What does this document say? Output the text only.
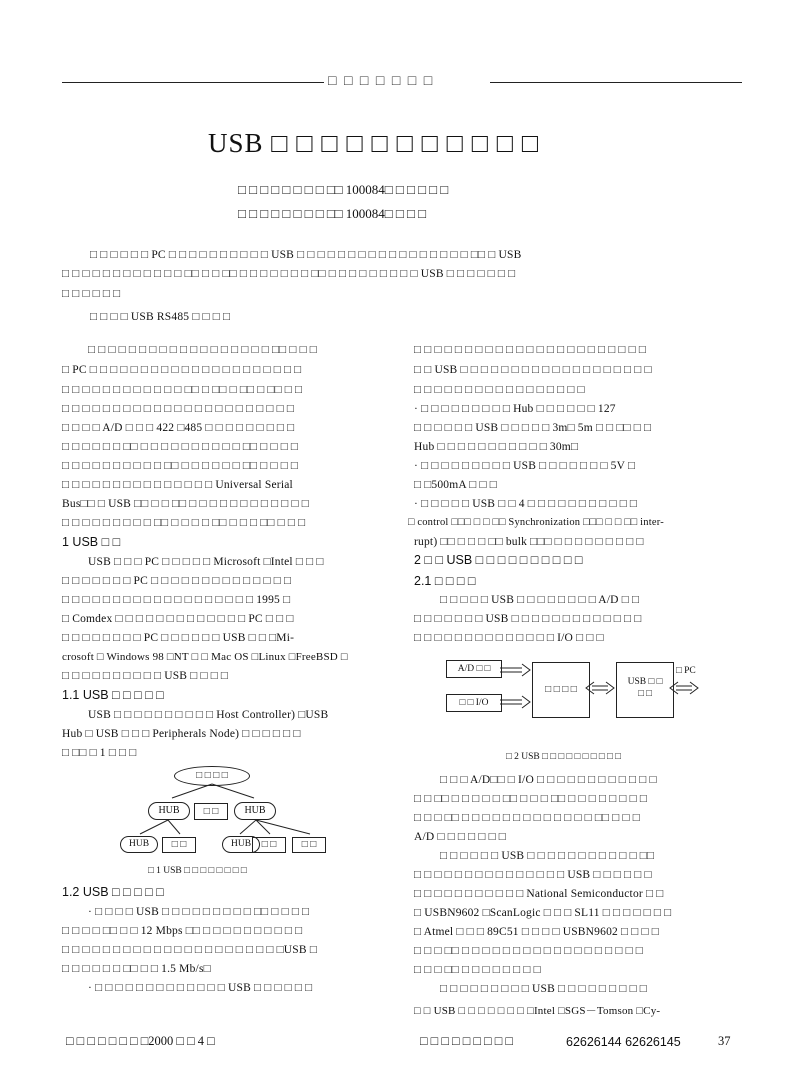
□ □ □ □ □ □ □
USB □ □ □ □ □ □ □ □ □ □ □
□ □ □ □ □ □ □ □ □□ 100084□ □ □ □ □ □
□ □ □ □ □ □ □ □ □□ 100084□ □ □ □
□ □ □ □ □ □ PC □ □ □ □ □ □ □ □ □ □ USB □ □ □ □ □ □ □ □ □ □ □ □ □ □ □ □ □ □□ □ USB
□ □ □ □ □ □ □ □ □ □ □ □ □□ □ □ □□ □ □ □ □ □ □ □ □□ □ □ □ □ □ □ □ □ □ USB □ □ □ □ □ □ □
□ □ □ □ □ □
□ □ □ □ USB RS485 □ □ □ □
□ □ □ □ □ □ □ □ □ □ □ □ □ □ □ □ □ □ □□ □ □ □
□ PC □ □ □ □ □ □ □ □ □ □ □ □ □ □ □ □ □ □ □ □ □
□ □ □ □ □ □ □ □ □ □ □ □ □□ □ □□ □ □□ □ □□ □ □
□ □ □ □ □ □ □ □ □ □ □ □ □ □ □ □ □ □ □ □ □ □ □
□ □ □ □ A/D □ □ □ 422 □485 □ □ □ □ □ □ □ □ □
□ □ □ □ □ □ □□ □ □ □ □ □ □ □ □ □ □ □□ □ □ □ □
□ □ □ □ □ □ □ □ □ □ □□ □ □ □ □ □ □ □□ □ □ □ □
□ □ □ □ □ □ □ □ □ □ □ □ □ □ □ Universal Serial
Bus□□ □ USB □□ □ □ □□ □ □ □ □ □ □ □ □ □ □ □ □
□ □ □ □ □ □ □ □ □ □□ □ □ □ □ □□ □ □ □ □□ □ □ □
1 USB □ □
USB □ □ □ PC □ □ □ □ □ Microsoft □Intel □ □ □
□ □ □ □ □ □ □ PC □ □ □ □ □ □ □ □ □ □ □ □ □ □
□ □ □ □ □ □ □ □ □ □ □ □ □ □ □ □ □ □ □ 1995 □
□ Comdex □ □ □ □ □ □ □ □ □ □ □ □ □ PC □ □ □
□ □ □ □ □ □ □ □ PC □ □ □ □ □ □ USB □ □ □Mi-
crosoft □ Windows 98 □NT □ □ Mac OS □Linux □FreeBSD □
□ □ □ □ □ □ □ □ □ □ USB □ □ □ □
1.1 USB □ □ □ □ □
USB □ □ □ □ □ □ □ □ □ □ Host Controller) □USB
Hub □ USB □ □ □ Peripherals Node) □ □ □ □ □ □
□ □□ □ 1 □ □ □
□ □ □ □
HUB	□ □	HUB
HUB	□ □	HUB	□ □	□ □
□ 1 USB □ □ □ □ □ □ □ □
1.2 USB □ □ □ □ □
· □ □ □ □ USB □ □ □ □ □ □ □ □ □ □□ □ □ □ □
□ □ □ □ □□ □ □ 12 Mbps □□ □ □ □ □ □ □ □ □ □ □
□ □ □ □ □ □ □ □ □ □ □ □ □ □ □ □ □ □ □ □ □ □USB □
□ □ □ □ □ □ □□ □ □ 1.5 Mb/s□
· □ □ □ □ □ □ □ □ □ □ □ □ □ USB □ □ □ □ □ □
□ □ □ □ □ □ □ □ □ □ □ □ □ □ □ □ □ □ □ □ □ □ □
□ □ USB □ □ □ □ □ □ □ □ □ □ □ □ □ □ □ □ □ □ □
□ □ □ □ □ □ □ □ □ □ □ □ □ □ □ □ □
· □ □ □ □ □ □ □ □ □ Hub □ □ □ □ □ □ 127
□ □ □ □ □ □ USB □ □ □ □ □ 3m□ 5m □ □ □□ □ □
Hub □ □ □ □ □ □ □ □ □ □ □ 30m□
· □ □ □ □ □ □ □ □ □ USB □ □ □ □ □ □ □ 5V □
□ □500mA □ □ □
· □ □ □ □ □ USB □ □ 4 □ □ □ □ □ □ □ □ □ □ □
□ control □□□ □ □ □□ Synchronization □□□ □ □ □□ inter-
rupt) □□ □ □ □ □□ bulk □□□ □ □ □ □ □ □ □ □ □
2 □ □ USB □ □ □ □ □ □ □ □ □ □
2.1 □ □ □ □
□ □ □ □ □ USB □ □ □ □ □ □ □ □ A/D □ □
□ □ □ □ □ □ □ USB □ □ □ □ □ □ □ □ □ □ □ □ □
□ □ □ □ □ □ □ □ □ □ □ □ □ □ I/O □ □ □
A/D □ □
□ □ I/O
□ □ □ □
USB □ □
□ □
□ PC
□ 2 USB □ □ □ □ □ □ □ □ □ □
□ □ □ A/D□□ □ I/O □ □ □ □ □ □ □ □ □ □ □ □
□ □ □□ □ □ □ □ □ □□ □ □ □ □□ □ □ □ □ □ □ □ □
□ □ □ □□ □ □ □ □ □ □ □ □ □ □ □ □ □ □□ □ □ □
A/D □ □ □ □ □ □ □
□ □ □ □ □ □ USB □ □ □ □ □ □ □ □ □ □ □ □□
□ □ □ □ □ □ □ □ □ □ □ □ □ □ □ USB □ □ □ □ □ □
□ □ □ □ □ □ □ □ □ □ □ National Semiconductor □ □
□ USBN9602 □ScanLogic □ □ □ SL11 □ □ □ □ □ □ □
□ Atmel □ □ □ 89C51 □ □ □ □ USBN9602 □ □ □ □
□ □ □ □□ □ □ □ □ □ □ □ □ □ □ □ □ □ □ □ □ □ □
□ □ □ □□ □ □ □ □ □ □ □ □
□ □ □ □ □ □ □ □ □ USB □ □ □ □ □ □ □ □ □
□ □ USB □ □ □ □ □ □ □ □Intel □SGS－Tomson □Cy-
□ □ □ □ □ □ □ □2000 □ □ 4 □	□ □ □ □ □ □ □ □ □	62626144 62626145	37
